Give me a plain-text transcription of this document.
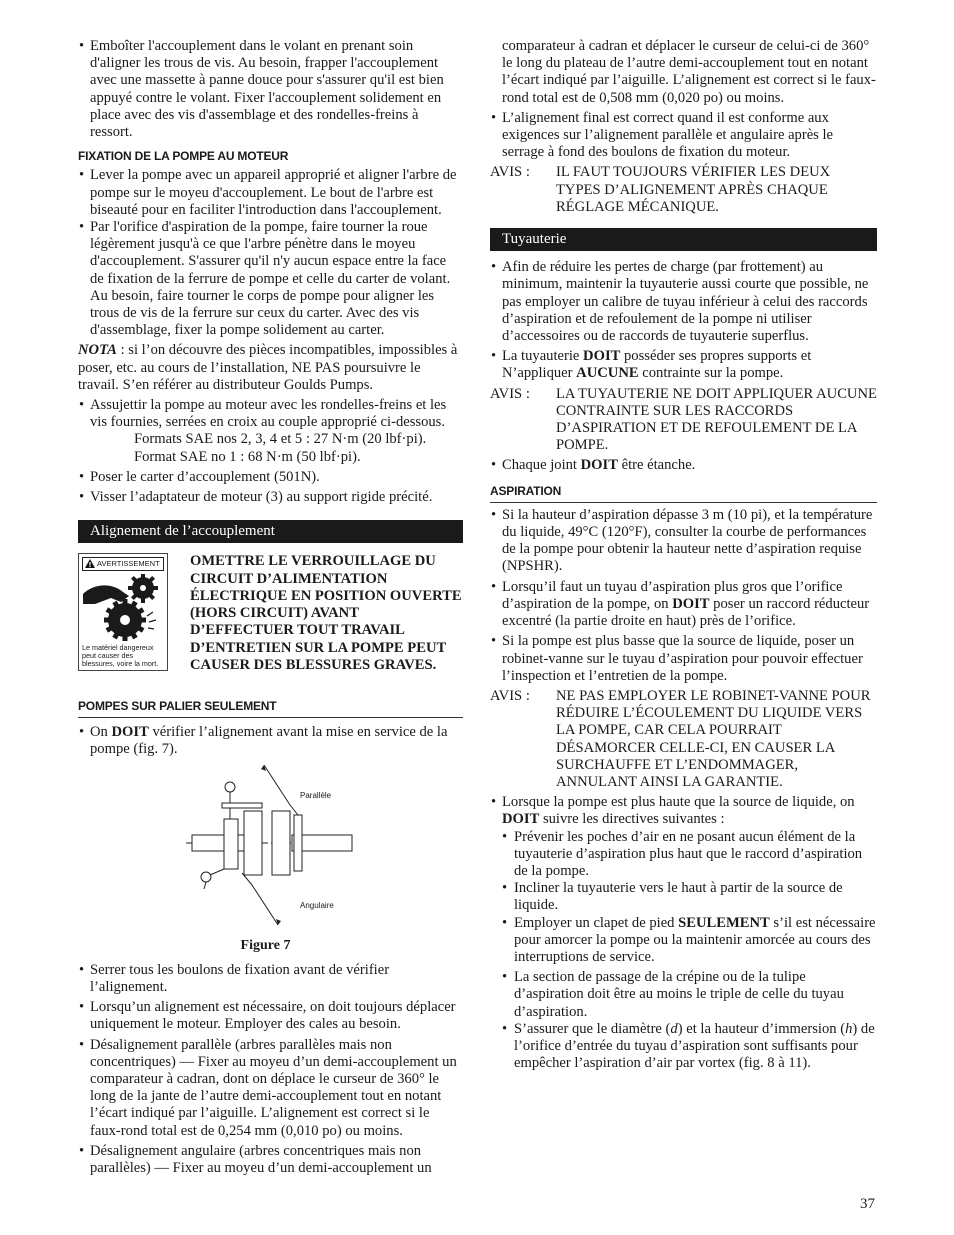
• Emboîter l'accouplement dans le volant en prenant soin d'aligner les trous de vis. Au besoin, frapper l'accouplement avec une massette à panne douce pour s'assurer qu'il est bien appuyé contre le volant. Fixer l'accouplement solidement en place avec des vis d'assemblage et des rondelles-freins à ressort.

FIXATION DE LA POMPE AU MOTEUR

• Lever la pompe avec un appareil approprié et aligner l'arbre de pompe sur le moyeu d'accouplement. Le bout de l'arbre est biseauté pour en faciliter l'introduction dans l'accouplement.

• Par l'orifice d'aspiration de la pompe, faire tourner la roue légèrement jusqu'à ce que l'arbre pénètre dans le moyeu d'accouplement. S'assurer qu'il n'y aucun espace entre la face de fixation de la ferrure de pompe et celle du carter de volant. Au besoin, faire tourner le corps de pompe pour aligner les trous de vis de la ferrure sur ceux du carter. Avec des vis d'assemblage, fixer la pompe solidement au carter.

NOTA : si l’on découvre des pièces incompatibles, impossibles à poser, etc. au cours de l’installation, NE PAS poursuivre le travail. S’en référer au distributeur Goulds Pumps.

• Assujettir la pompe au moteur avec les rondelles-freins et les vis fournies, serrées en croix au couple approprié ci-dessous.

Formats SAE nos 2, 3, 4 et 5 : 27 N·m (20 lbf·pi).

Format SAE no 1 : 68 N·m (50 lbf·pi).

• Poser le carter d’accouplement (501N).

• Visser l’adaptateur de moteur (3) au support rigide précité.

Alignement de l’accouplement
AVERTISSEMENT
Le matériel dangereux peut causer des blessures, voire la mort.
OMETTRE LE VERROUILLAGE DU CIRCUIT D’ALIMENTATION ÉLECTRIQUE EN POSITION OUVERTE (HORS CIRCUIT) AVANT D’EFFECTUER TOUT TRAVAIL D’ENTRETIEN SUR LA POMPE PEUT CAUSER DES BLESSURES GRAVES.
POMPES SUR PALIER SEULEMENT

• On DOIT vérifier l’alignement avant la mise en service de la pompe (fig. 7).

Parallèle
Angulaire
Figure 7

• Serrer tous les boulons de fixation avant de vérifier l’alignement.

• Lorsqu’un alignement est nécessaire, on doit toujours déplacer uniquement le moteur. Employer des cales au besoin.

• Désalignement parallèle (arbres parallèles mais non concentriques) — Fixer au moyeu d’un demi-accouplement un comparateur à cadran, dont on déplace le curseur de 360° le long de la jante de l’autre demi-accouplement tout en notant l’écart indiqué par l’aiguille. L’alignement est correct si le faux-rond total est de 0,254 mm (0,010 po) ou moins.

• Désalignement angulaire (arbres concentriques mais non parallèles) — Fixer au moyeu d’un demi-accouplement un

comparateur à cadran et déplacer le curseur de celui-ci de 360° le long du plateau de l’autre demi-accouplement tout en notant l’écart indiqué par l’aiguille. L’alignement est correct si le faux-rond total est de 0,508 mm (0,020 po) ou moins.

• L’alignement final est correct quand il est conforme aux exigences sur l’alignement parallèle et angulaire après le serrage à fond des boulons de fixation du moteur.

AVIS :	IL FAUT TOUJOURS VÉRIFIER LES DEUX TYPES D’ALIGNEMENT APRÈS CHAQUE RÉGLAGE MÉCANIQUE.
Tuyauterie

• Afin de réduire les pertes de charge (par frottement) au minimum, maintenir la tuyauterie aussi courte que possible, ne pas employer un calibre de tuyau inférieur à celui des raccords d’aspiration et de refoulement de la pompe ni utiliser d’accessoires ou de raccords de tuyauterie superflus.

• La tuyauterie DOIT posséder ses propres supports et N’appliquer AUCUNE contrainte sur la pompe.

AVIS :	LA TUYAUTERIE NE DOIT APPLIQUER AUCUNE CONTRAINTE SUR LES RACCORDS D’ASPIRATION ET DE REFOULEMENT DE LA POMPE.

• Chaque joint DOIT être étanche.

ASPIRATION

• Si la hauteur d’aspiration dépasse 3 m (10 pi), et la température du liquide, 49°C (120°F), consulter la courbe de performances de la pompe pour obtenir la hauteur nette d’aspiration requise (NPSHR).

• Lorsqu’il faut un tuyau d’aspiration plus gros que l’orifice d’aspiration de la pompe, on DOIT poser un raccord réducteur excentré (la partie droite en haut) près de l’orifice.

• Si la pompe est plus basse que la source de liquide, poser un robinet-vanne sur le tuyau d’aspiration pour pouvoir effectuer l’inspection et l’entretien de la pompe.

AVIS :	NE PAS EMPLOYER LE ROBINET-VANNE POUR RÉDUIRE L’ÉCOULEMENT DU LIQUIDE VERS LA POMPE, CAR CELA POURRAIT DÉSAMORCER CELLE-CI, EN CAUSER LA SURCHAUFFE ET L’ENDOMMAGER, ANNULANT AINSI LA GARANTIE.

• Lorsque la pompe est plus haute que la source de liquide, on DOIT suivre les directives suivantes :

• Prévenir les poches d’air en ne posant aucun élément de la tuyauterie d’aspiration plus haut que le raccord d’aspiration de la pompe.

• Incliner la tuyauterie vers le haut à partir de la source de liquide.

• Employer un clapet de pied SEULEMENT s’il est nécessaire pour amorcer la pompe ou la maintenir amorcée au cours des interruptions de service.

• La section de passage de la crépine ou de la tulipe d’aspiration doit être au moins le triple de celle du tuyau d’aspiration.

• S’assurer que le diamètre (d) et la hauteur d’immersion (h) de l’orifice d’entrée du tuyau d’aspiration sont suffisants pour empêcher l’aspiration d’air par vortex (fig. 8 à 11).

37
